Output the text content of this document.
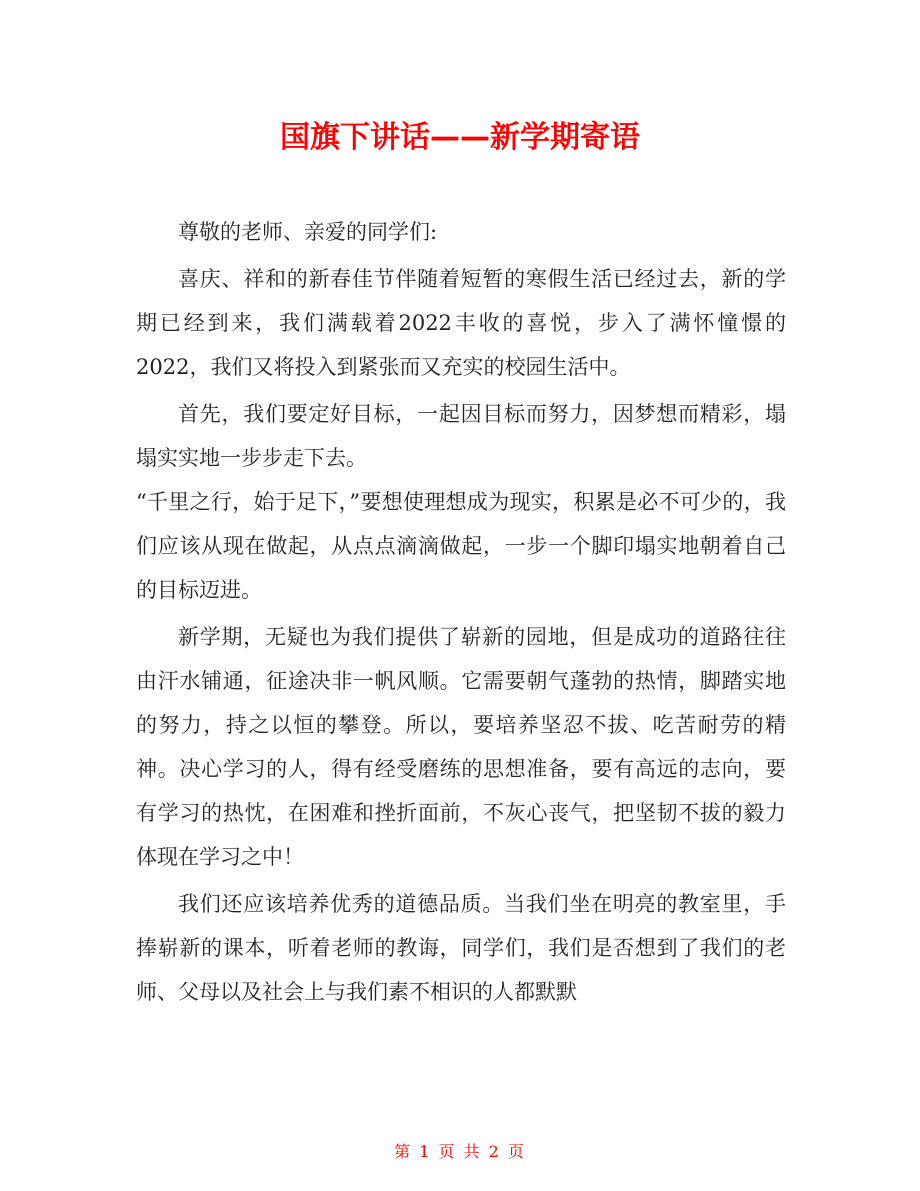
国旗下讲话——新学期寄语

尊敬的老师、亲爱的同学们:

喜庆、祥和的新春佳节伴随着短暂的寒假生活已经过去，新的学期已经到来，我们满载着2022丰收的喜悦，步入了满怀憧憬的2022，我们又将投入到紧张而又充实的校园生活中。

首先，我们要定好目标，一起因目标而努力，因梦想而精彩，塌塌实实地一步步走下去。

“千里之行，始于足下，”要想使理想成为现实，积累是必不可少的，我们应该从现在做起，从点点滴滴做起，一步一个脚印塌实地朝着自己的目标迈进。

新学期，无疑也为我们提供了崭新的园地，但是成功的道路往往由汗水铺通，征途决非一帆风顺。它需要朝气蓬勃的热情，脚踏实地的努力，持之以恒的攀登。所以，要培养坚忍不拔、吃苦耐劳的精神。决心学习的人，得有经受磨练的思想准备，要有高远的志向，要有学习的热忱，在困难和挫折面前，不灰心丧气，把坚韧不拔的毅力体现在学习之中！

我们还应该培养优秀的道德品质。当我们坐在明亮的教室里，手捧崭新的课本，听着老师的教诲，同学们，我们是否想到了我们的老师、父母以及社会上与我们素不相识的人都默默

第 1 页 共 2 页
